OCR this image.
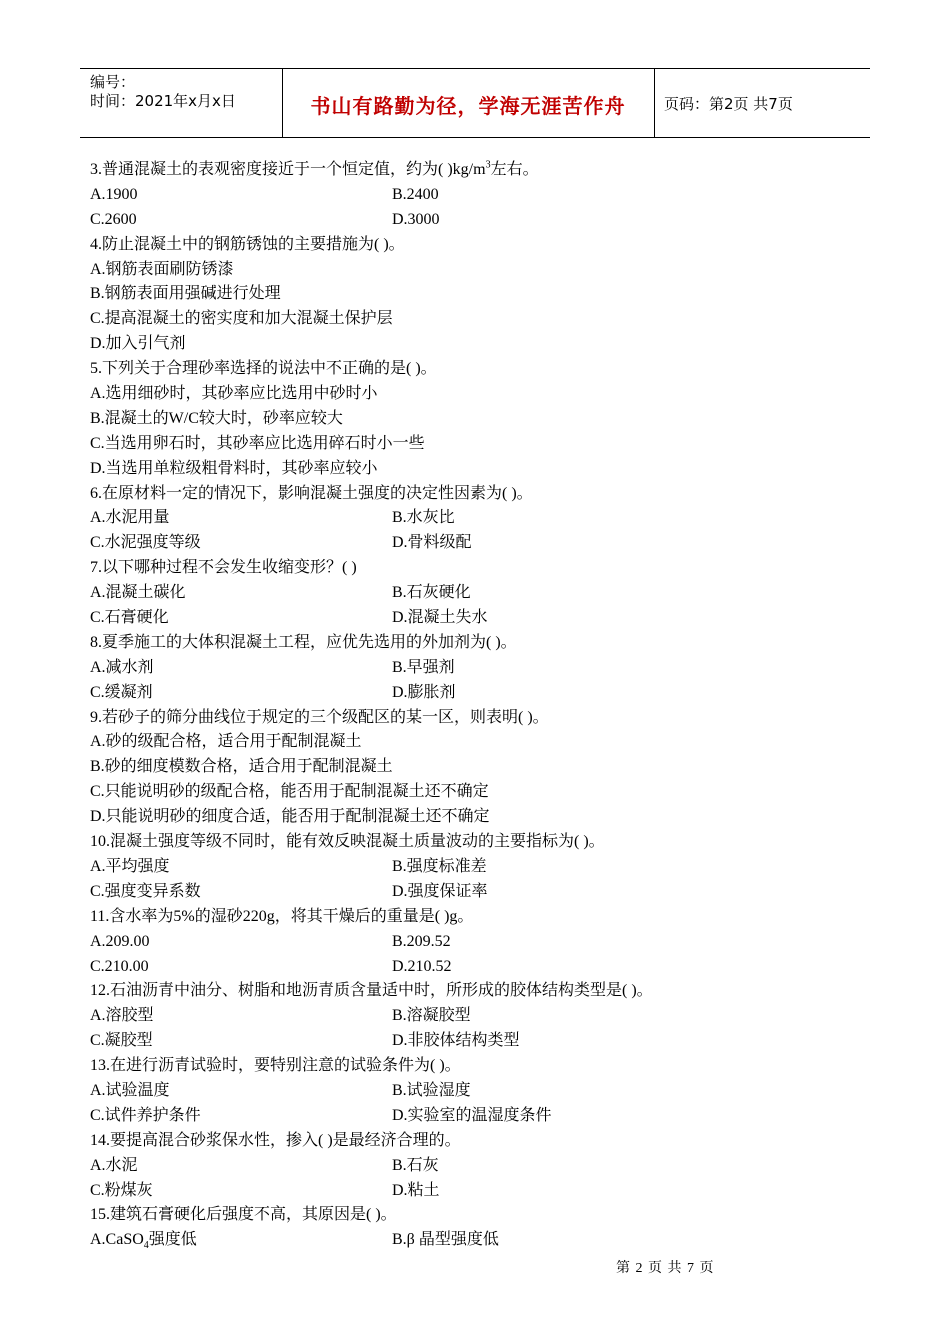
编号：
时间：2021年x月x日	书山有路勤为径，学海无涯苦作舟	页码：第2页 共7页
3.普通混凝土的表观密度接近于一个恒定值，约为( )$kg/m^3$左右。
A.1900	B.2400
C.2600	D.3000
4.防止混凝土中的钢筋锈蚀的主要措施为( )。
A.钢筋表面刷防锈漆
B.钢筋表面用强碱进行处理
C.提高混凝土的密实度和加大混凝土保护层
D.加入引气剂
5.下列关于合理砂率选择的说法中不正确的是( )。
A.选用细砂时，其砂率应比选用中砂时小
B.混凝土的W/C较大时，砂率应较大
C.当选用卵石时，其砂率应比选用碎石时小一些
D.当选用单粒级粗骨料时，其砂率应较小
6.在原材料一定的情况下，影响混凝土强度的决定性因素为( )。
A.水泥用量	B.水灰比
C.水泥强度等级	D.骨料级配
7.以下哪种过程不会发生收缩变形？( )
A.混凝土碳化	B.石灰硬化
C.石膏硬化	D.混凝土失水
8.夏季施工的大体积混凝土工程，应优先选用的外加剂为( )。
A.减水剂	B.早强剂
C.缓凝剂	D.膨胀剂
9.若砂子的筛分曲线位于规定的三个级配区的某一区，则表明( )。
A.砂的级配合格，适合用于配制混凝土
B.砂的细度模数合格，适合用于配制混凝土
C.只能说明砂的级配合格，能否用于配制混凝土还不确定
D.只能说明砂的细度合适，能否用于配制混凝土还不确定
10.混凝土强度等级不同时，能有效反映混凝土质量波动的主要指标为( )。
A.平均强度	B.强度标准差
C.强度变异系数	D.强度保证率
11.含水率为5%的湿砂220g，将其干燥后的重量是( )g。
A.209.00	B.209.52
C.210.00	D.210.52
12.石油沥青中油分、树脂和地沥青质含量适中时，所形成的胶体结构类型是( )。
A.溶胶型	B.溶凝胶型
C.凝胶型	D.非胶体结构类型
13.在进行沥青试验时，要特别注意的试验条件为( )。
A.试验温度	B.试验湿度
C.试件养护条件	D.实验室的温湿度条件
14.要提高混合砂浆保水性，掺入( )是最经济合理的。
A.水泥	B.石灰
C.粉煤灰	D.粘土
15.建筑石膏硬化后强度不高，其原因是( )。
A.CaSO$_4$强度低	B.β 晶型强度低
第 2 页 共 7 页
